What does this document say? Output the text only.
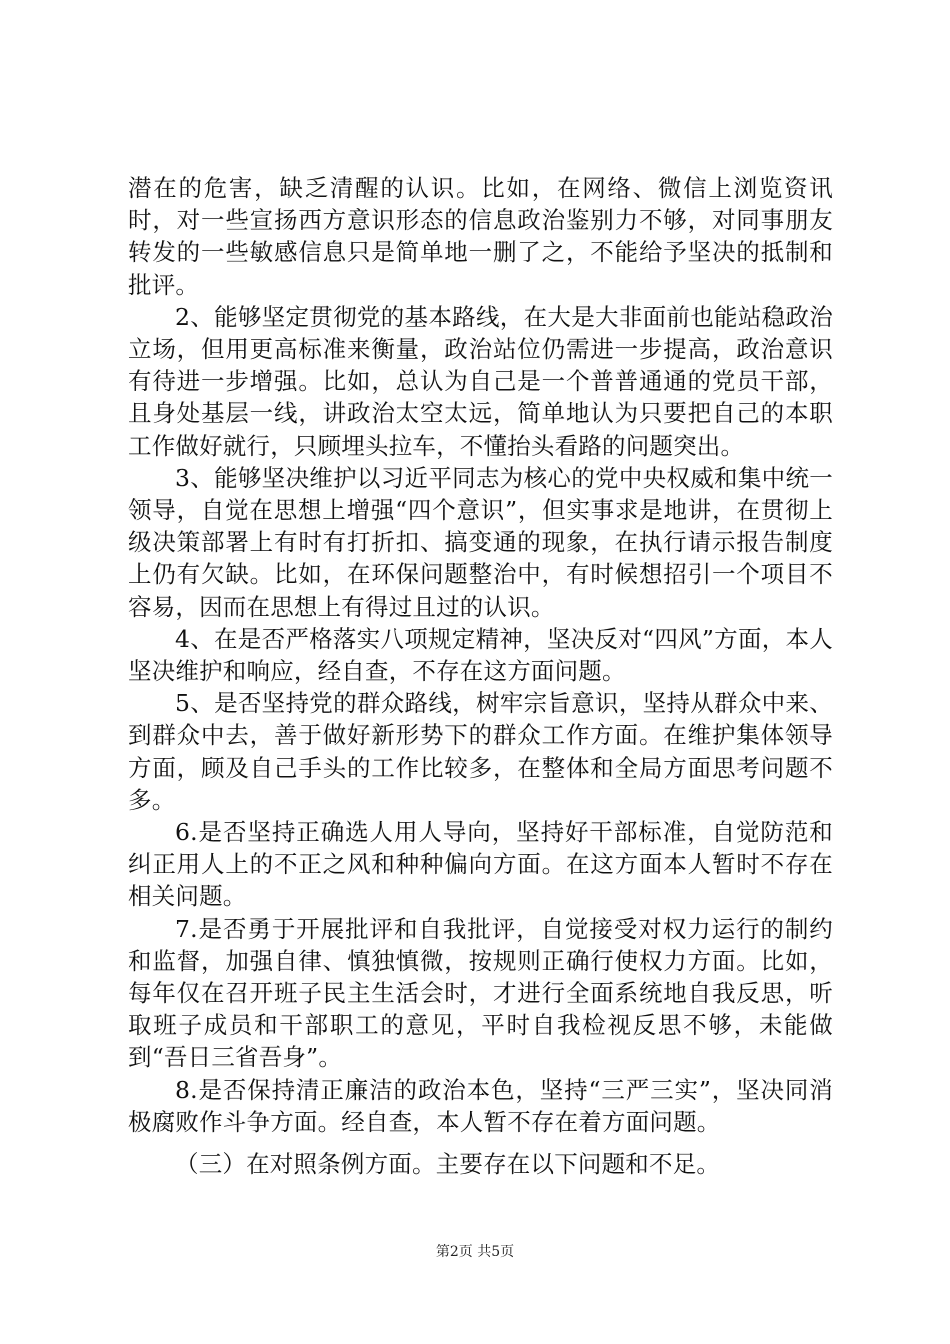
潜在的危害，缺乏清醒的认识。比如，在网络、微信上浏览资讯时，对一些宣扬西方意识形态的信息政治鉴别力不够，对同事朋友转发的一些敏感信息只是简单地一删了之，不能给予坚决的抵制和批评。

2、能够坚定贯彻党的基本路线，在大是大非面前也能站稳政治立场，但用更高标准来衡量，政治站位仍需进一步提高，政治意识有待进一步增强。比如，总认为自己是一个普普通通的党员干部，且身处基层一线，讲政治太空太远，简单地认为只要把自己的本职工作做好就行，只顾埋头拉车，不懂抬头看路的问题突出。

3、能够坚决维护以习近平同志为核心的党中央权威和集中统一领导，自觉在思想上增强“四个意识”，但实事求是地讲，在贯彻上级决策部署上有时有打折扣、搞变通的现象，在执行请示报告制度上仍有欠缺。比如，在环保问题整治中，有时候想招引一个项目不容易，因而在思想上有得过且过的认识。

4、在是否严格落实八项规定精神，坚决反对“四风”方面，本人坚决维护和响应，经自查，不存在这方面问题。

5、是否坚持党的群众路线，树牢宗旨意识，坚持从群众中来、到群众中去，善于做好新形势下的群众工作方面。在维护集体领导方面，顾及自己手头的工作比较多，在整体和全局方面思考问题不多。

6.是否坚持正确选人用人导向，坚持好干部标准，自觉防范和纠正用人上的不正之风和种种偏向方面。在这方面本人暂时不存在相关问题。

7.是否勇于开展批评和自我批评，自觉接受对权力运行的制约和监督，加强自律、慎独慎微，按规则正确行使权力方面。比如，每年仅在召开班子民主生活会时，才进行全面系统地自我反思，听取班子成员和干部职工的意见，平时自我检视反思不够，未能做到“吾日三省吾身”。

8.是否保持清正廉洁的政治本色，坚持“三严三实”，坚决同消极腐败作斗争方面。经自查，本人暂不存在着方面问题。

（三）在对照条例方面。主要存在以下问题和不足。

第2页 共5页
